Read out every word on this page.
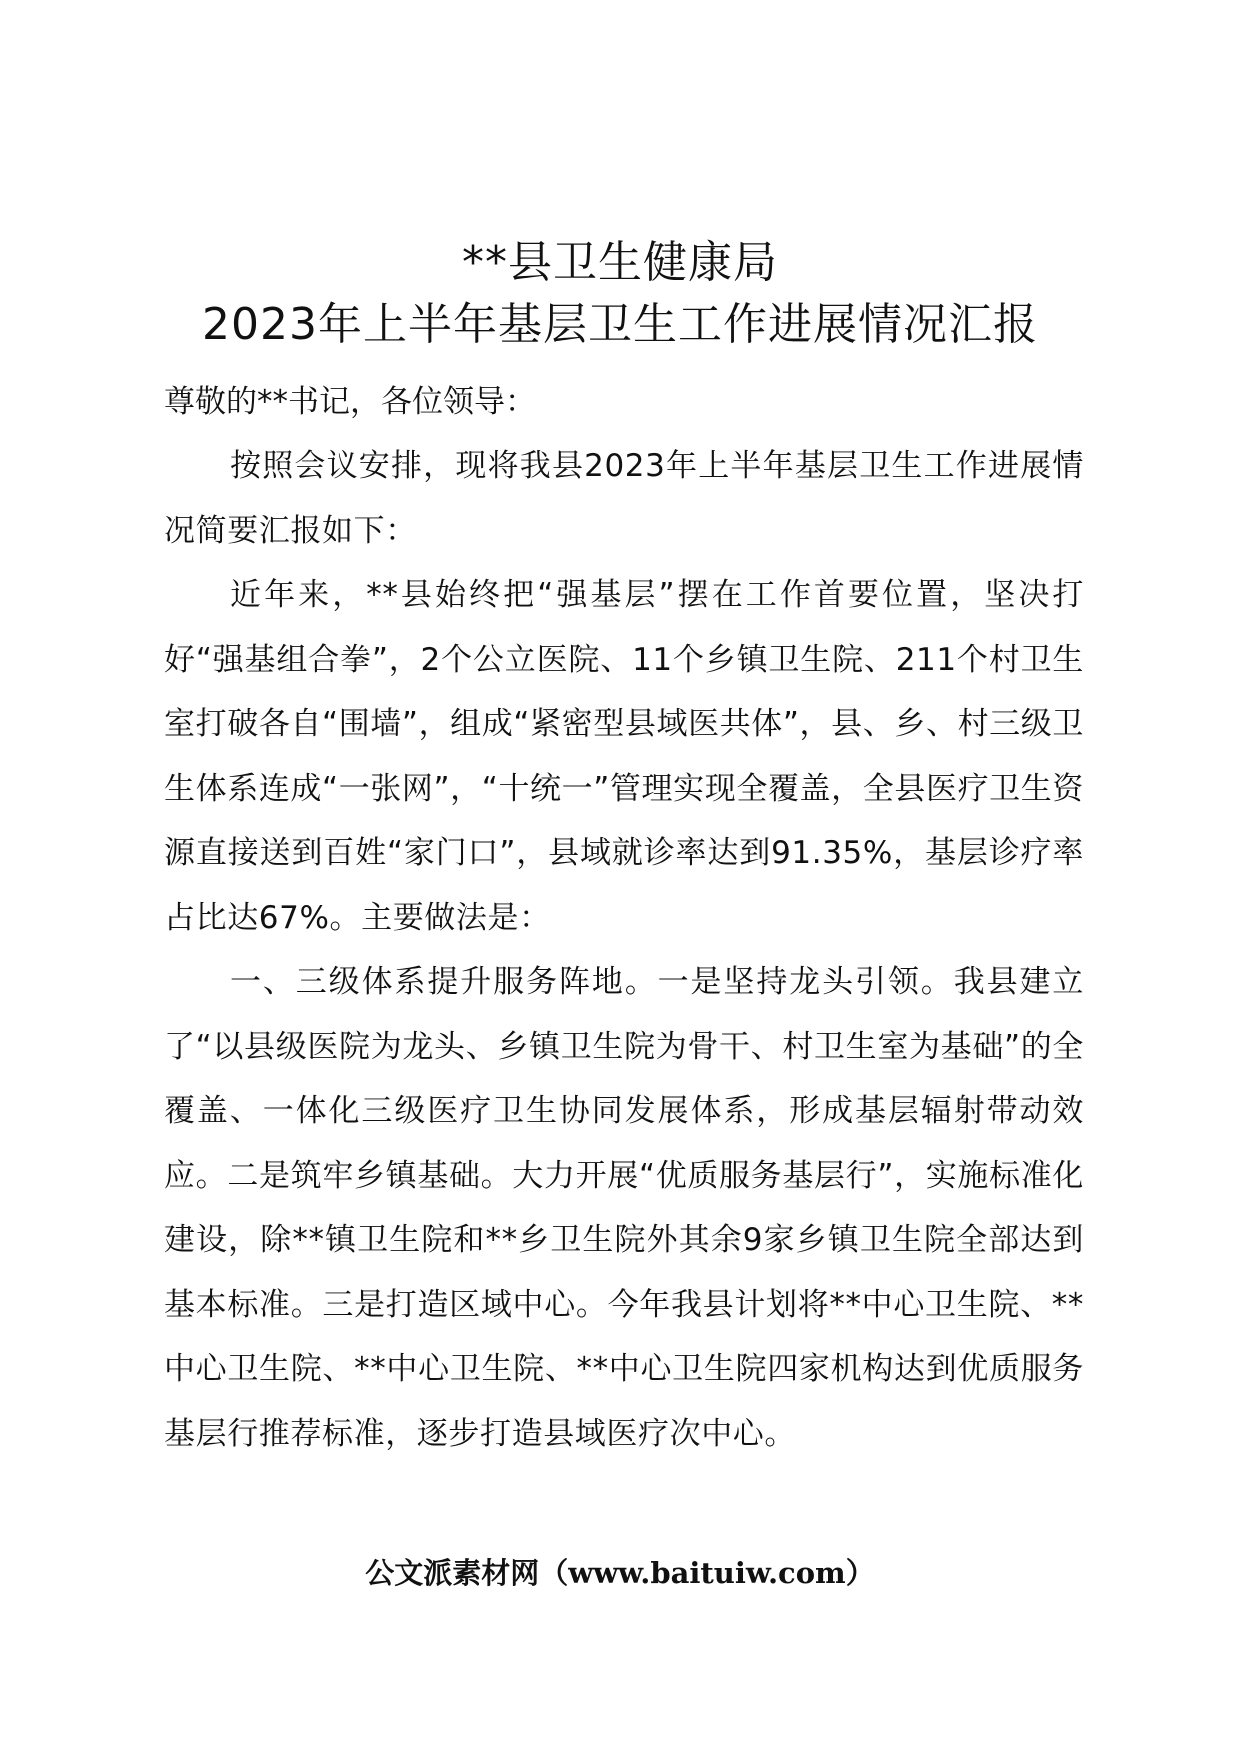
**县卫生健康局
2023年上半年基层卫生工作进展情况汇报
尊敬的**书记，各位领导：

按照会议安排，现将我县2023年上半年基层卫生工作进展情况简要汇报如下：

近年来，**县始终把“强基层”摆在工作首要位置，坚决打好“强基组合拳”，2个公立医院、11个乡镇卫生院、211个村卫生室打破各自“围墙”，组成“紧密型县域医共体”，县、乡、村三级卫生体系连成“一张网”，“十统一”管理实现全覆盖，全县医疗卫生资源直接送到百姓“家门口”，县域就诊率达到91.35%，基层诊疗率占比达67%。主要做法是：

一、三级体系提升服务阵地。一是坚持龙头引领。我县建立了“以县级医院为龙头、乡镇卫生院为骨干、村卫生室为基础”的全覆盖、一体化三级医疗卫生协同发展体系，形成基层辐射带动效应。二是筑牢乡镇基础。大力开展“优质服务基层行”，实施标准化建设，除**镇卫生院和**乡卫生院外其余9家乡镇卫生院全部达到基本标准。三是打造区域中心。今年我县计划将**中心卫生院、**中心卫生院、**中心卫生院、**中心卫生院四家机构达到优质服务基层行推荐标准，逐步打造县域医疗次中心。

公文派素材网（www.baituiw.com）
